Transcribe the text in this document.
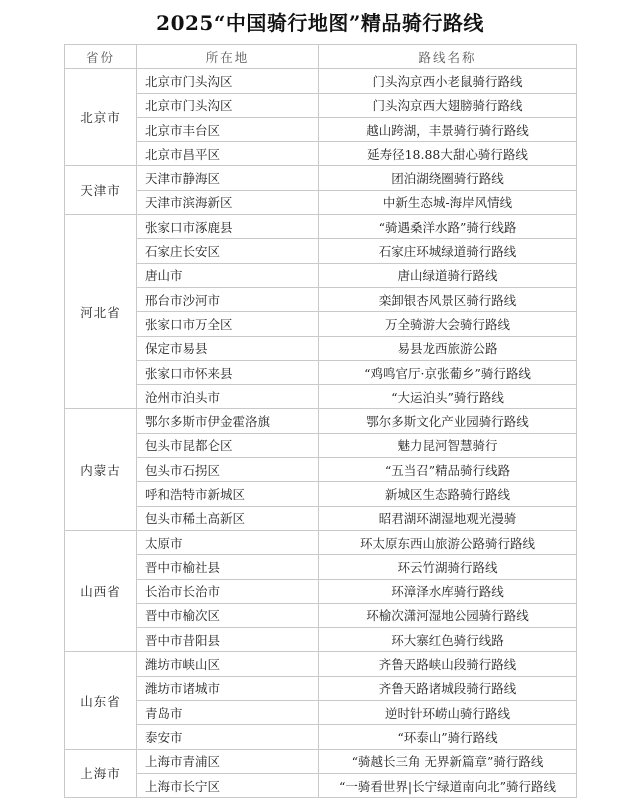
2025“中国骑行地图”精品骑行路线
省份	所在地	路线名称
北京市	北京市门头沟区	门头沟京西小老鼠骑行路线
	北京市门头沟区	门头沟京西大翅膀骑行路线
	北京市丰台区	越山跨湖，丰景骑行骑行路线
	北京市昌平区	延寿径18.88大甜心骑行路线
天津市	天津市静海区	团泊湖绕圈骑行路线
	天津市滨海新区	中新生态城-海岸风情线
河北省	张家口市涿鹿县	“骑遇桑洋水路”骑行线路
	石家庄长安区	石家庄环城绿道骑行路线
	唐山市	唐山绿道骑行路线
	邢台市沙河市	栾卸银杏风景区骑行路线
	张家口市万全区	万全骑游大会骑行路线
	保定市易县	易县龙西旅游公路
	张家口市怀来县	“鸡鸣官厅·京张葡乡”骑行路线
	沧州市泊头市	“大运泊头”骑行路线
内蒙古	鄂尔多斯市伊金霍洛旗	鄂尔多斯文化产业园骑行路线
	包头市昆都仑区	魅力昆河智慧骑行
	包头市石拐区	“五当召”精品骑行线路
	呼和浩特市新城区	新城区生态路骑行路线
	包头市稀土高新区	昭君湖环湖湿地观光漫骑
山西省	太原市	环太原东西山旅游公路骑行路线
	晋中市榆社县	环云竹湖骑行路线
	长治市长治市	环漳泽水库骑行路线
	晋中市榆次区	环榆次潇河湿地公园骑行路线
	晋中市昔阳县	环大寨红色骑行线路
山东省	潍坊市峡山区	齐鲁天路峡山段骑行路线
	潍坊市诸城市	齐鲁天路诸城段骑行路线
	青岛市	逆时针环崂山骑行路线
	泰安市	“环泰山”骑行路线
上海市	上海市青浦区	“骑越长三角 无界新篇章”骑行路线
	上海市长宁区	“一骑看世界|长宁绿道南向北”骑行路线
